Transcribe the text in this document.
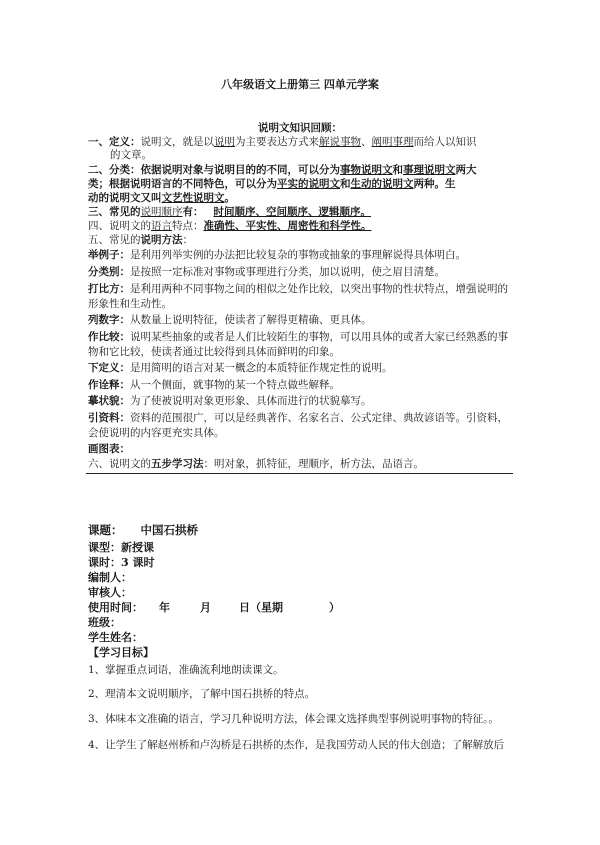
八年级语文上册第三 四单元学案
说明文知识回顾：
一、定义：说明文，就是以说明为主要表达方式来解说事物、阐明事理而给人以知识
的文章。
二、分类：依据说明对象与说明目的的不同，可以分为事物说明文和事理说明文两大
类；根据说明语言的不同特色，可以分为平实的说明文和生动的说明文两种。生
动的说明文又叫文艺性说明文。
三、常见的说明顺序有： 时间顺序、空间顺序、逻辑顺序。
四、说明文的语言特点：准确性、平实性、周密性和科学性。
五、常见的说明方法：
举例子：是利用列举实例的办法把比较复杂的事物或抽象的事理解说得具体明白。
分类别：是按照一定标准对事物或事理进行分类，加以说明，使之眉目清楚。
打比方：是利用两种不同事物之间的相似之处作比较，以突出事物的性状特点，增强说明的
形象性和生动性。
列数字：从数量上说明特征，使读者了解得更精确、更具体。
作比较：说明某些抽象的或者是人们比较陌生的事物，可以用具体的或者大家已经熟悉的事
物和它比较，使读者通过比较得到具体而鲜明的印象。
下定义：是用简明的语言对某一概念的本质特征作规定性的说明。
作诠释：从一个侧面，就事物的某一个特点做些解释。
摹状貌：为了使被说明对象更形象、具体而进行的状貌摹写。
引资料：资料的范围很广，可以是经典著作、名家名言、公式定律、典故谚语等。引资料，
会使说明的内容更充实具体。
画图表：
六、说明文的五步学习法：明对象，抓特征，理顺序，析方法，品语言。
课题： 中国石拱桥
课型：新授课
课时：3 课时
编制人：
审核人：
使用时间： 年	月	日（星期	）
班级：
学生姓名：
【学习目标】
1、掌握重点词语，准确流利地朗读课文。
2、理清本文说明顺序，了解中国石拱桥的特点。
3、体味本文准确的语言，学习几种说明方法，体会课文选择典型事例说明事物的特征。。
4、让学生了解赵州桥和卢沟桥是石拱桥的杰作，是我国劳动人民的伟大创造；了解解放后
